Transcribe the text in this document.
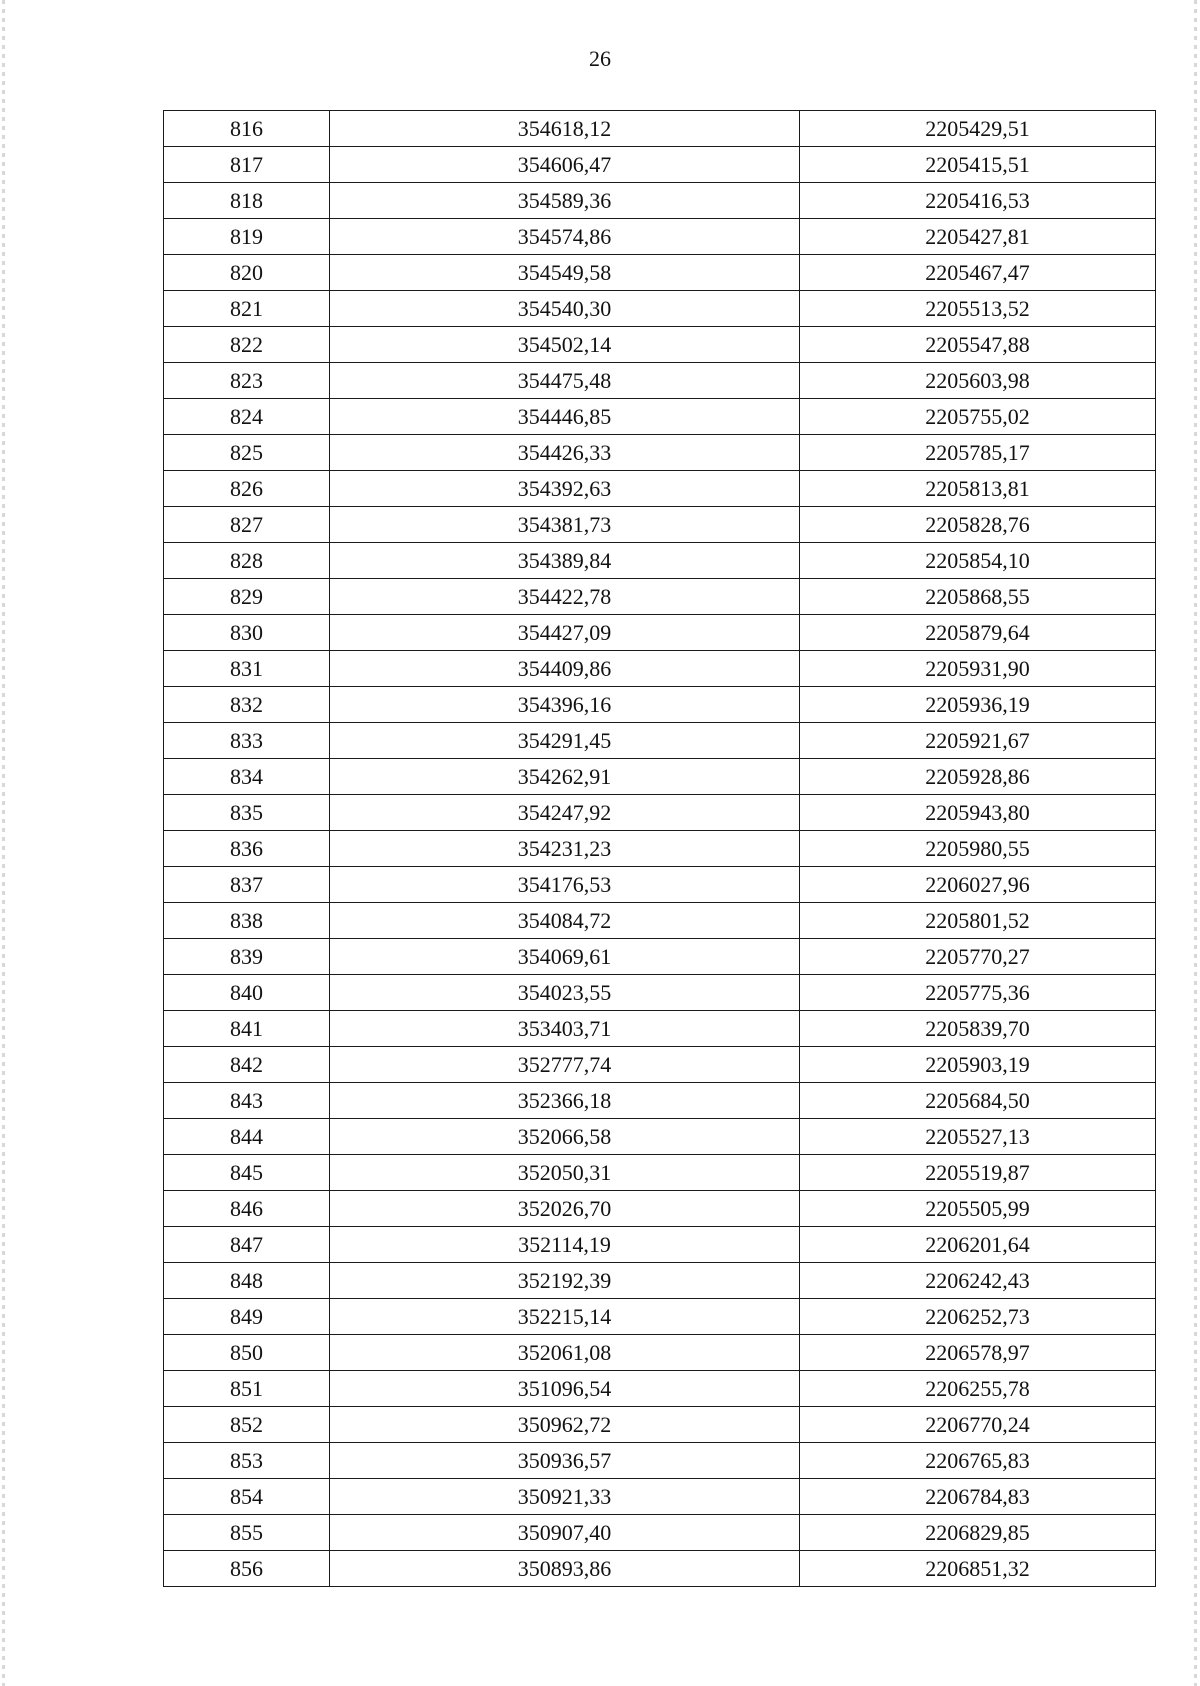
26
816	354618,12	2205429,51
817	354606,47	2205415,51
818	354589,36	2205416,53
819	354574,86	2205427,81
820	354549,58	2205467,47
821	354540,30	2205513,52
822	354502,14	2205547,88
823	354475,48	2205603,98
824	354446,85	2205755,02
825	354426,33	2205785,17
826	354392,63	2205813,81
827	354381,73	2205828,76
828	354389,84	2205854,10
829	354422,78	2205868,55
830	354427,09	2205879,64
831	354409,86	2205931,90
832	354396,16	2205936,19
833	354291,45	2205921,67
834	354262,91	2205928,86
835	354247,92	2205943,80
836	354231,23	2205980,55
837	354176,53	2206027,96
838	354084,72	2205801,52
839	354069,61	2205770,27
840	354023,55	2205775,36
841	353403,71	2205839,70
842	352777,74	2205903,19
843	352366,18	2205684,50
844	352066,58	2205527,13
845	352050,31	2205519,87
846	352026,70	2205505,99
847	352114,19	2206201,64
848	352192,39	2206242,43
849	352215,14	2206252,73
850	352061,08	2206578,97
851	351096,54	2206255,78
852	350962,72	2206770,24
853	350936,57	2206765,83
854	350921,33	2206784,83
855	350907,40	2206829,85
856	350893,86	2206851,32
